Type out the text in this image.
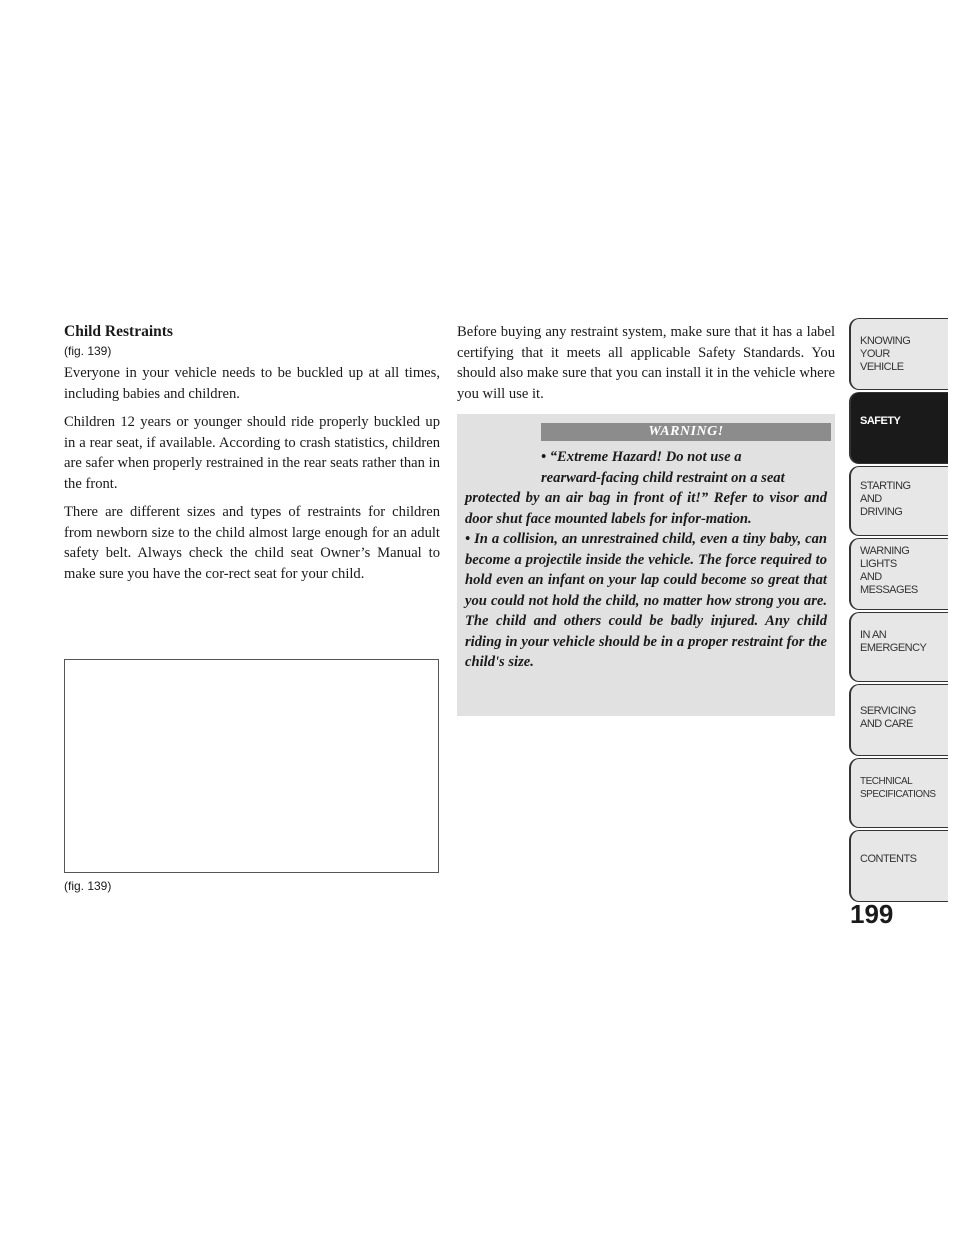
Child Restraints
(fig. 139)

Everyone in your vehicle needs to be buckled up at all times, including babies and children.

Children 12 years or younger should ride properly buckled up in a rear seat, if available. According to crash statistics, children are safer when properly restrained in the rear seats rather than in the front.

There are different sizes and types of restraints for children from newborn size to the child almost large enough for an adult safety belt. Always check the child seat Owner’s Manual to make sure you have the cor-rect seat for your child.

(fig. 139)

Before buying any restraint system, make sure that it has a label certifying that it meets all applicable Safety Standards. You should also make sure that you can install it in the vehicle where you will use it.

WARNING!

• “Extreme Hazard! Do not use a
rearward-facing child restraint on a seat
protected by an air bag in front of it!” Refer to visor and door shut face mounted labels for infor-mation.

• In a collision, an unrestrained child, even a tiny baby, can become a projectile inside the vehicle. The force required to hold even an infant on your lap could become so great that you could not hold the child, no matter how strong you are. The child and others could be badly injured. Any child riding in your vehicle should be in a proper restraint for the child's size.

KNOWING
YOUR
VEHICLE
SAFETY
STARTING
AND
DRIVING
WARNING
LIGHTS
AND
MESSAGES
IN AN
EMERGENCY
SERVICING
AND CARE
TECHNICAL
SPECIFICATIONS
CONTENTS
199
